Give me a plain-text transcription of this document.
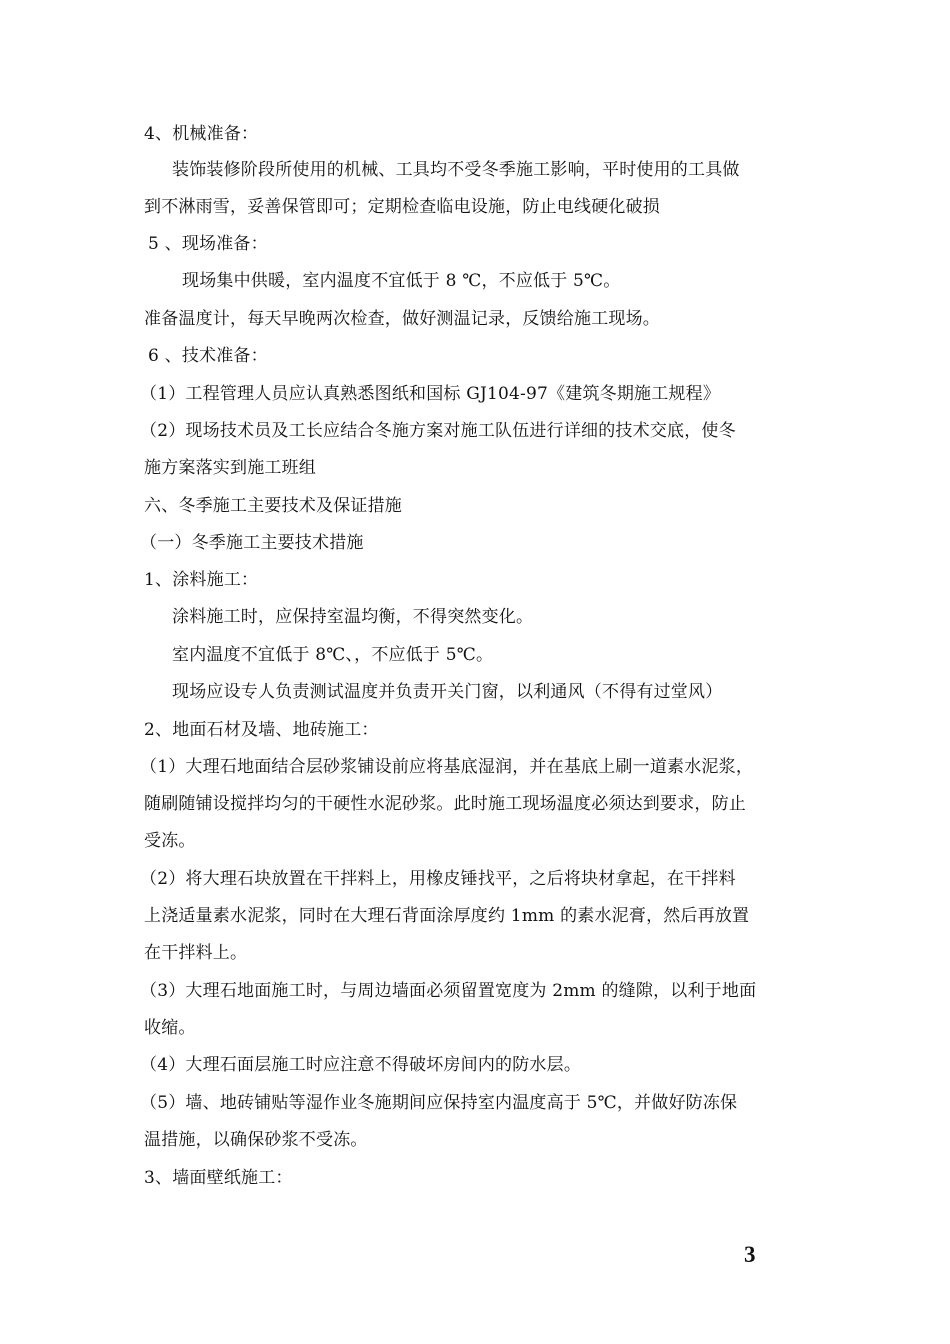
4、机械准备：
装饰装修阶段所使用的机械、工具均不受冬季施工影响，平时使用的工具做
到不淋雨雪，妥善保管即可；定期检查临电设施，防止电线硬化破损
5 、现场准备：
现场集中供暖，室内温度不宜低于 8 ℃，不应低于 5℃。
准备温度计，每天早晚两次检查，做好测温记录，反馈给施工现场。
6 、技术准备：
（1）工程管理人员应认真熟悉图纸和国标 GJ104-97《建筑冬期施工规程》
（2）现场技术员及工长应结合冬施方案对施工队伍进行详细的技术交底，使冬
施方案落实到施工班组
六、冬季施工主要技术及保证措施
（一）冬季施工主要技术措施
1、涂料施工：
涂料施工时，应保持室温均衡，不得突然变化。
室内温度不宜低于 8℃、，不应低于 5℃。
现场应设专人负责测试温度并负责开关门窗，以利通风（不得有过堂风）
2、地面石材及墙、地砖施工：
（1）大理石地面结合层砂浆铺设前应将基底湿润，并在基底上刷一道素水泥浆，
随刷随铺设搅拌均匀的干硬性水泥砂浆。此时施工现场温度必须达到要求，防止
受冻。
（2）将大理石块放置在干拌料上，用橡皮锤找平，之后将块材拿起，在干拌料
上浇适量素水泥浆，同时在大理石背面涂厚度约 1mm 的素水泥膏，然后再放置
在干拌料上。
（3）大理石地面施工时，与周边墙面必须留置宽度为 2mm 的缝隙，以利于地面
收缩。
（4）大理石面层施工时应注意不得破坏房间内的防水层。
（5）墙、地砖铺贴等湿作业冬施期间应保持室内温度高于 5℃，并做好防冻保
温措施，以确保砂浆不受冻。
3、墙面壁纸施工：
3
